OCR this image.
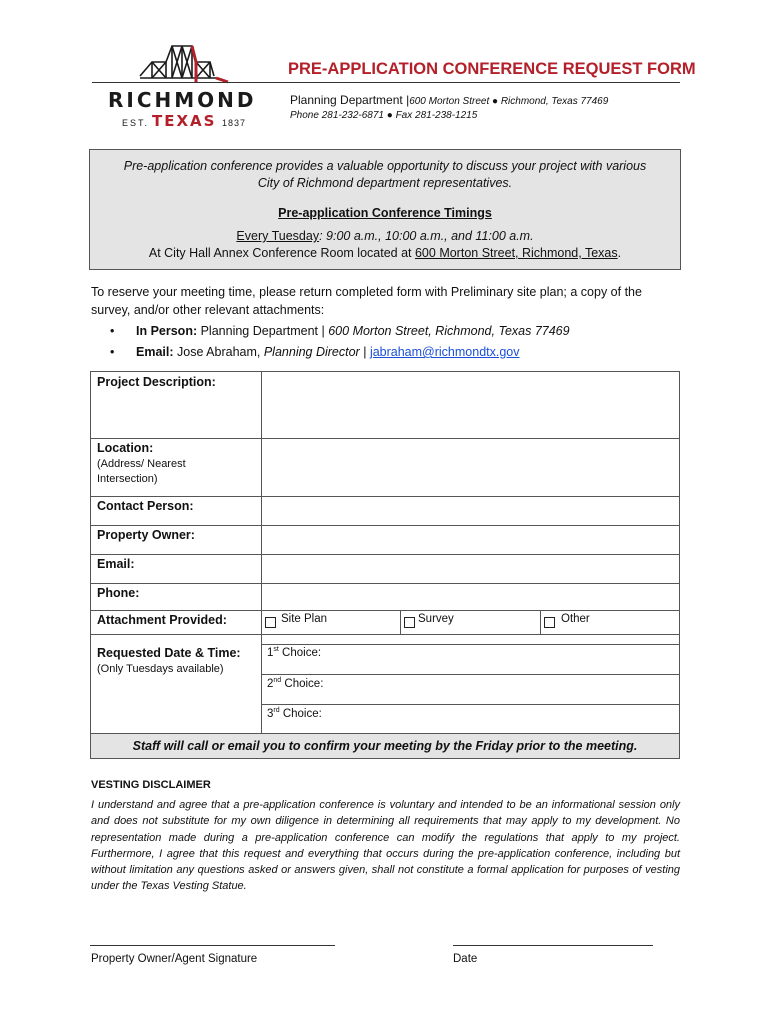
RICHMOND
EST. TEXAS 1837
PRE-APPLICATION CONFERENCE REQUEST FORM
Planning Department |600 Morton Street ● Richmond, Texas 77469
Phone 281-232-6871 ● Fax 281-238-1215

Pre-application conference provides a valuable opportunity to discuss your project with various

City of Richmond department representatives.

Pre-application Conference Timings

Every Tuesday: 9:00 a.m., 10:00 a.m., and 11:00 a.m.

At City Hall Annex Conference Room located at 600 Morton Street, Richmond, Texas.

To reserve your meeting time, please return completed form with Preliminary site plan; a copy of the survey, and/or other relevant attachments:
• In Person: Planning Department | 600 Morton Street, Richmond, Texas 77469
• Email: Jose Abraham, Planning Director | jabraham@richmondtx.gov
Project Description:
Location:
(Address/ Nearest
Intersection)
Contact Person:
Property Owner:
Email:
Phone:
Attachment Provided:	Site Plan	Survey	Other
Requested Date & Time:
(Only Tuesdays available)
1st Choice:
2nd Choice:
3rd Choice:
Staff will call or email you to confirm your meeting by the Friday prior to the meeting.
VESTING DISCLAIMER
I understand and agree that a pre-application conference is voluntary and intended to be an informational session only and does not substitute for my own diligence in determining all requirements that may apply to my development. No representation made during a pre-application conference can modify the regulations that apply to my project. Furthermore, I agree that this request and everything that occurs during the pre-application conference, including but without limitation any questions asked or answers given, shall not constitute a formal application for purposes of vesting under the Texas Vesting Statue.
Property Owner/Agent Signature	Date
